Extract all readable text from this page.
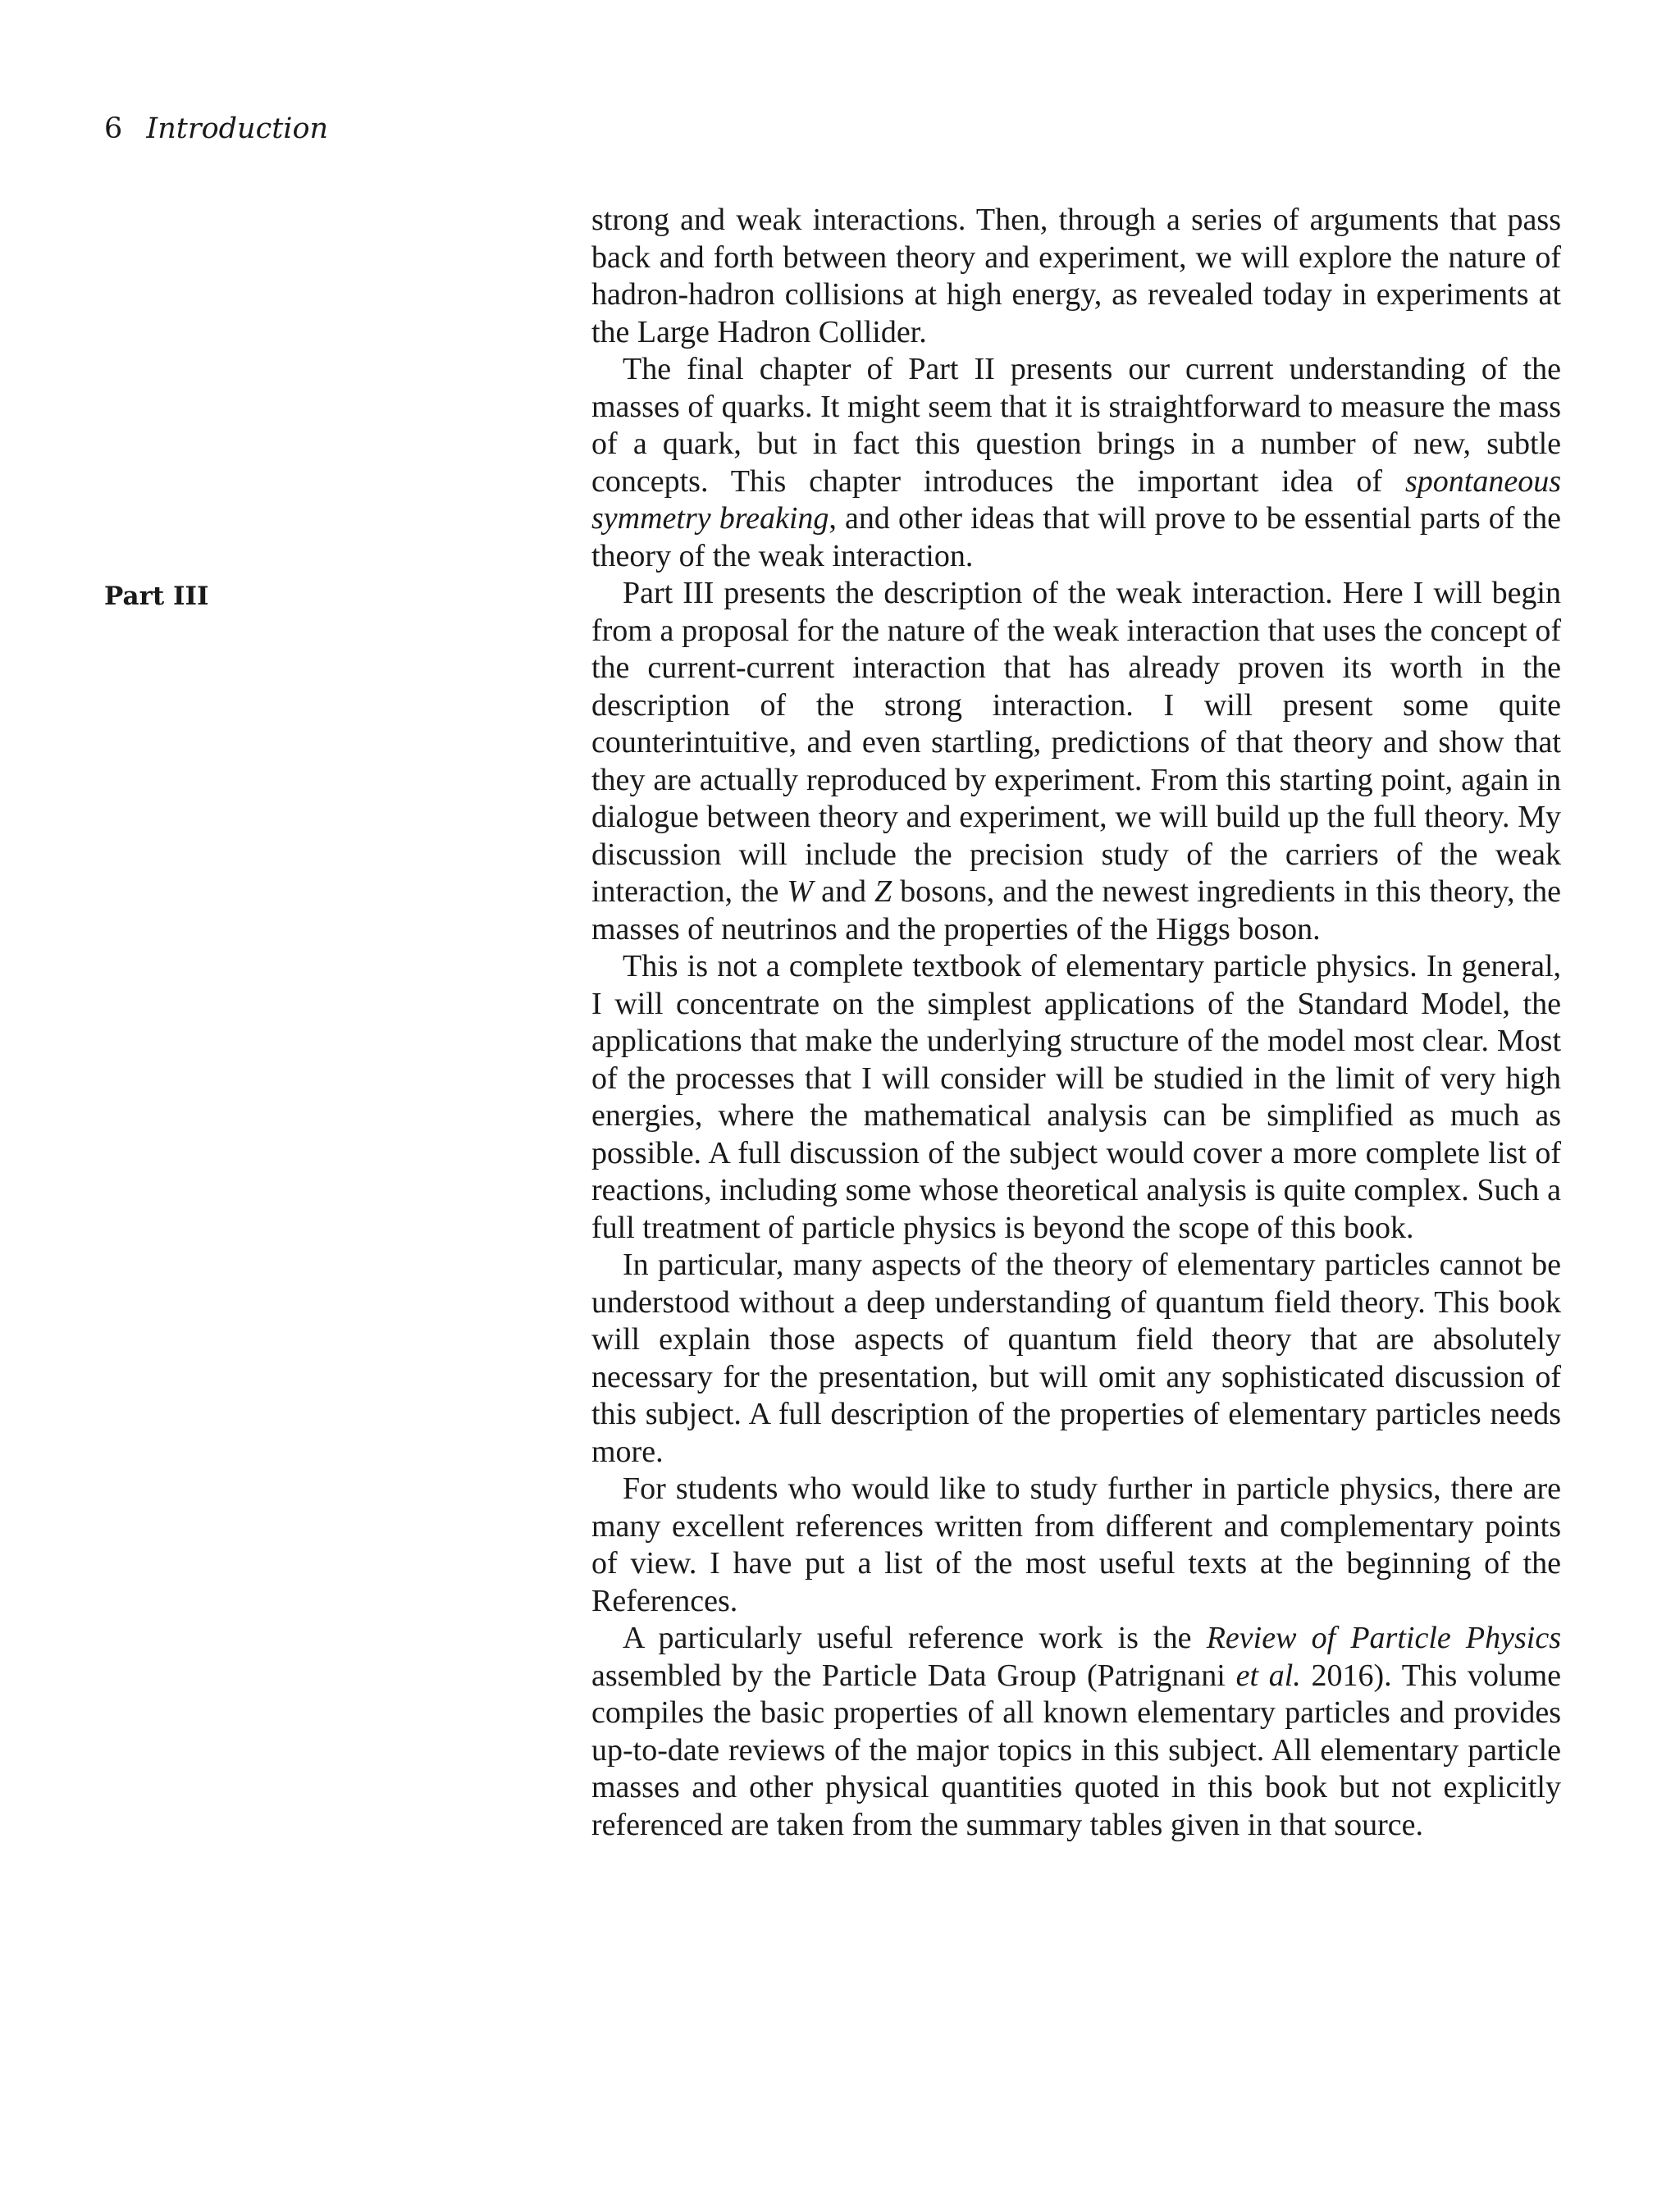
6 Introduction
Part III

strong and weak interactions. Then, through a series of arguments that pass back and forth between theory and experiment, we will explore the nature of hadron-hadron collisions at high energy, as revealed today in experiments at the Large Hadron Collider.

The final chapter of Part II presents our current understanding of the masses of quarks. It might seem that it is straightforward to measure the mass of a quark, but in fact this question brings in a number of new, subtle concepts. This chapter introduces the important idea of spontaneous symmetry breaking, and other ideas that will prove to be essential parts of the theory of the weak interaction.

Part III presents the description of the weak interaction. Here I will begin from a proposal for the nature of the weak interaction that uses the concept of the current-current interaction that has already proven its worth in the description of the strong interaction. I will present some quite counterintuitive, and even startling, predictions of that theory and show that they are actually reproduced by experiment. From this starting point, again in dialogue between theory and experiment, we will build up the full theory. My discussion will include the precision study of the carriers of the weak interaction, the W and Z bosons, and the newest ingredients in this theory, the masses of neutrinos and the properties of the Higgs boson.

This is not a complete textbook of elementary particle physics. In general, I will concentrate on the simplest applications of the Standard Model, the applications that make the underlying structure of the model most clear. Most of the processes that I will consider will be studied in the limit of very high energies, where the mathematical analysis can be simplified as much as possible. A full discussion of the subject would cover a more complete list of reactions, including some whose theoretical analysis is quite complex. Such a full treatment of particle physics is beyond the scope of this book.

In particular, many aspects of the theory of elementary particles cannot be understood without a deep understanding of quantum field theory. This book will explain those aspects of quantum field theory that are absolutely necessary for the presentation, but will omit any sophisticated discussion of this subject. A full description of the properties of elementary particles needs more.

For students who would like to study further in particle physics, there are many excellent references written from different and complementary points of view. I have put a list of the most useful texts at the beginning of the References.

A particularly useful reference work is the Review of Particle Physics assembled by the Particle Data Group (Patrignani et al. 2016). This volume compiles the basic properties of all known elementary particles and provides up-to-date reviews of the major topics in this subject. All elementary particle masses and other physical quantities quoted in this book but not explicitly referenced are taken from the summary tables given in that source.
